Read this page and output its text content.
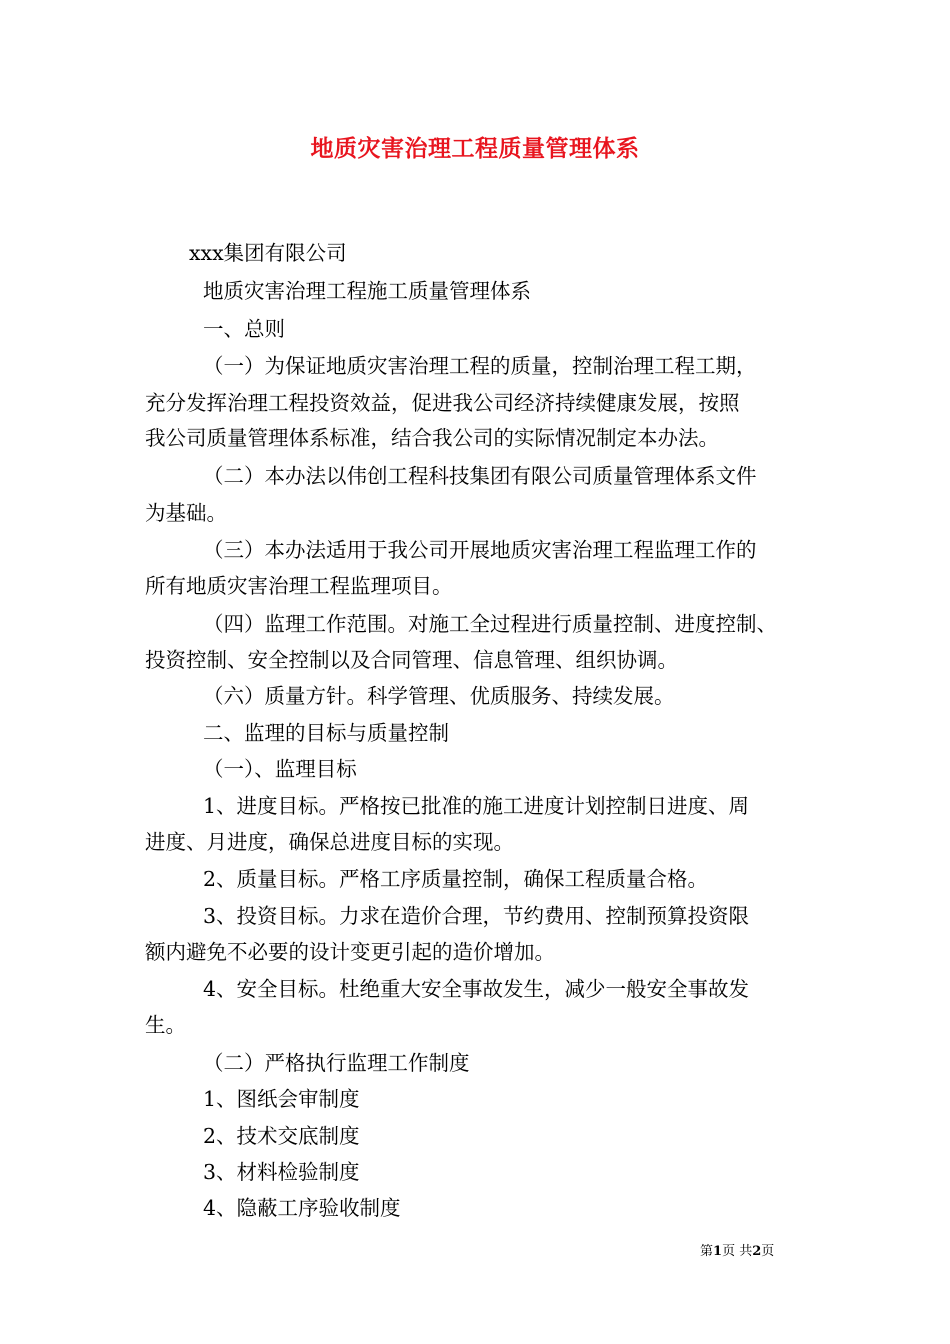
地质灾害治理工程质量管理体系
xxx集团有限公司
地质灾害治理工程施工质量管理体系
一、总则
（一）为保证地质灾害治理工程的质量，控制治理工程工期，
充分发挥治理工程投资效益，促进我公司经济持续健康发展，按照
我公司质量管理体系标准，结合我公司的实际情况制定本办法。
（二）本办法以伟创工程科技集团有限公司质量管理体系文件
为基础。
（三）本办法适用于我公司开展地质灾害治理工程监理工作的
所有地质灾害治理工程监理项目。
（四）监理工作范围。对施工全过程进行质量控制、进度控制、
投资控制、安全控制以及合同管理、信息管理、组织协调。
（六）质量方针。科学管理、优质服务、持续发展。
二、监理的目标与质量控制
（一）、监理目标
1、进度目标。严格按已批准的施工进度计划控制日进度、周
进度、月进度，确保总进度目标的实现。
2、质量目标。严格工序质量控制，确保工程质量合格。
3、投资目标。力求在造价合理，节约费用、控制预算投资限
额内避免不必要的设计变更引起的造价增加。
4、安全目标。杜绝重大安全事故发生，减少一般安全事故发
生。
（二）严格执行监理工作制度
1、图纸会审制度
2、技术交底制度
3、材料检验制度
4、隐蔽工序验收制度
第1页 共2页
